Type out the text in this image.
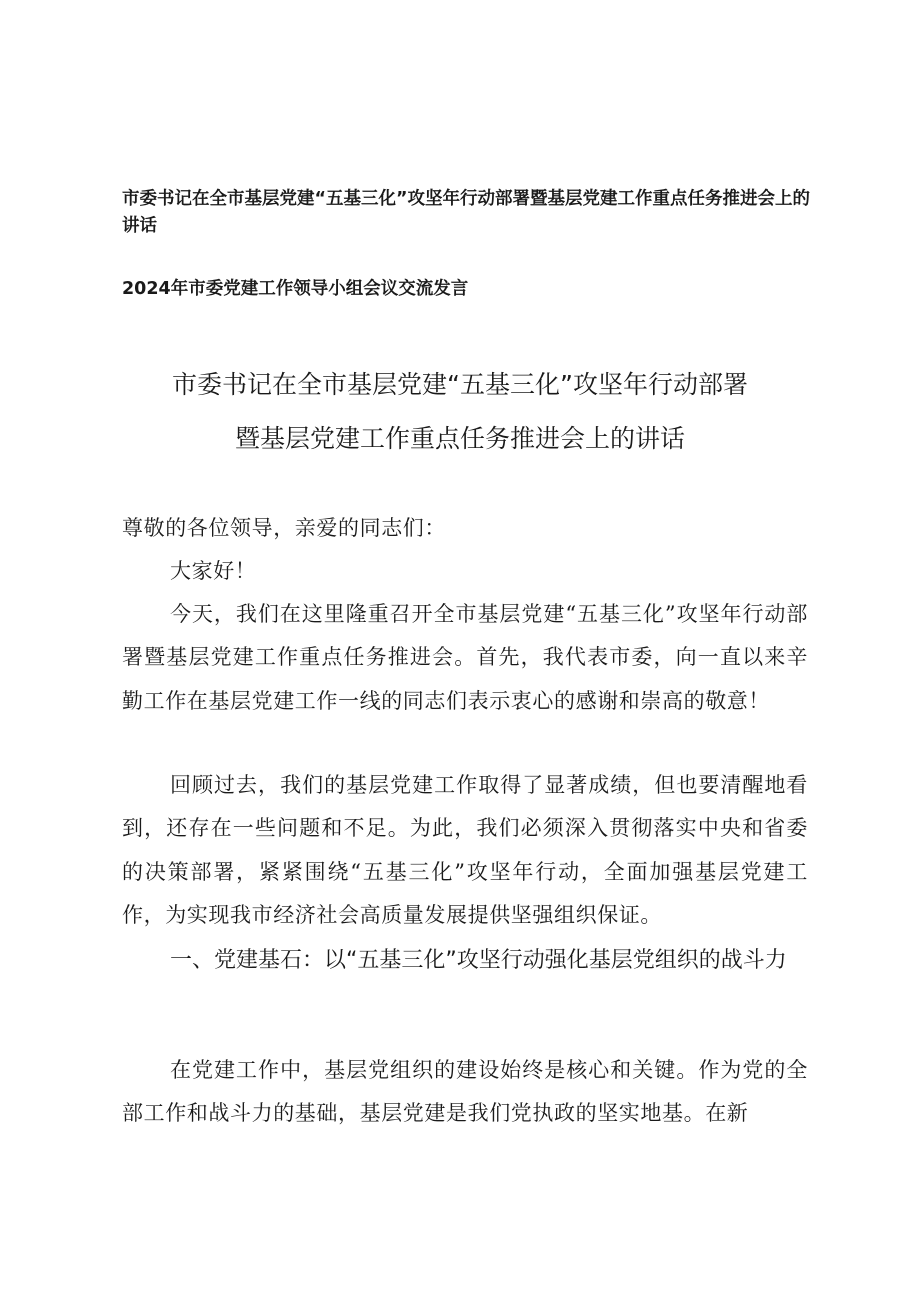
市委书记在全市基层党建“五基三化”攻坚年行动部署暨基层党建工作重点任务推进会上的讲话
2024年市委党建工作领导小组会议交流发言
市委书记在全市基层党建“五基三化”攻坚年行动部署
暨基层党建工作重点任务推进会上的讲话

尊敬的各位领导，亲爱的同志们：

大家好！

今天，我们在这里隆重召开全市基层党建“五基三化”攻坚年行动部署暨基层党建工作重点任务推进会。首先，我代表市委，向一直以来辛勤工作在基层党建工作一线的同志们表示衷心的感谢和崇高的敬意！

回顾过去，我们的基层党建工作取得了显著成绩，但也要清醒地看到，还存在一些问题和不足。为此，我们必须深入贯彻落实中央和省委的决策部署，紧紧围绕“五基三化”攻坚年行动，全面加强基层党建工作，为实现我市经济社会高质量发展提供坚强组织保证。

一、党建基石：以“五基三化”攻坚行动强化基层党组织的战斗力

在党建工作中，基层党组织的建设始终是核心和关键。作为党的全部工作和战斗力的基础，基层党建是我们党执政的坚实地基。在新
